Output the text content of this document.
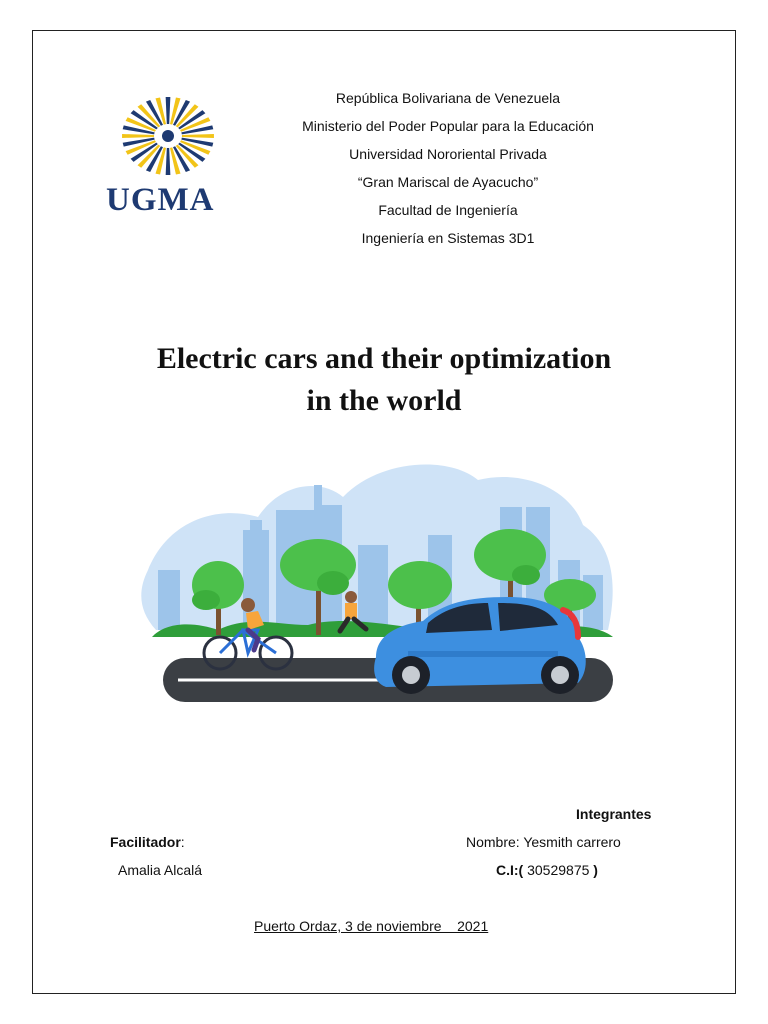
UGMA
República Bolivariana de Venezuela
Ministerio del Poder Popular para la Educación
Universidad Nororiental Privada
“Gran Mariscal de Ayacucho”
Facultad de Ingeniería
Ingeniería en Sistemas 3D1
Electric cars and their optimization
in the world
Integrantes
Facilitador:	Nombre: Yesmith carrero
Amalia Alcalá	C.I:( 30529875 )
Puerto Ordaz, 3 de noviembre    2021
